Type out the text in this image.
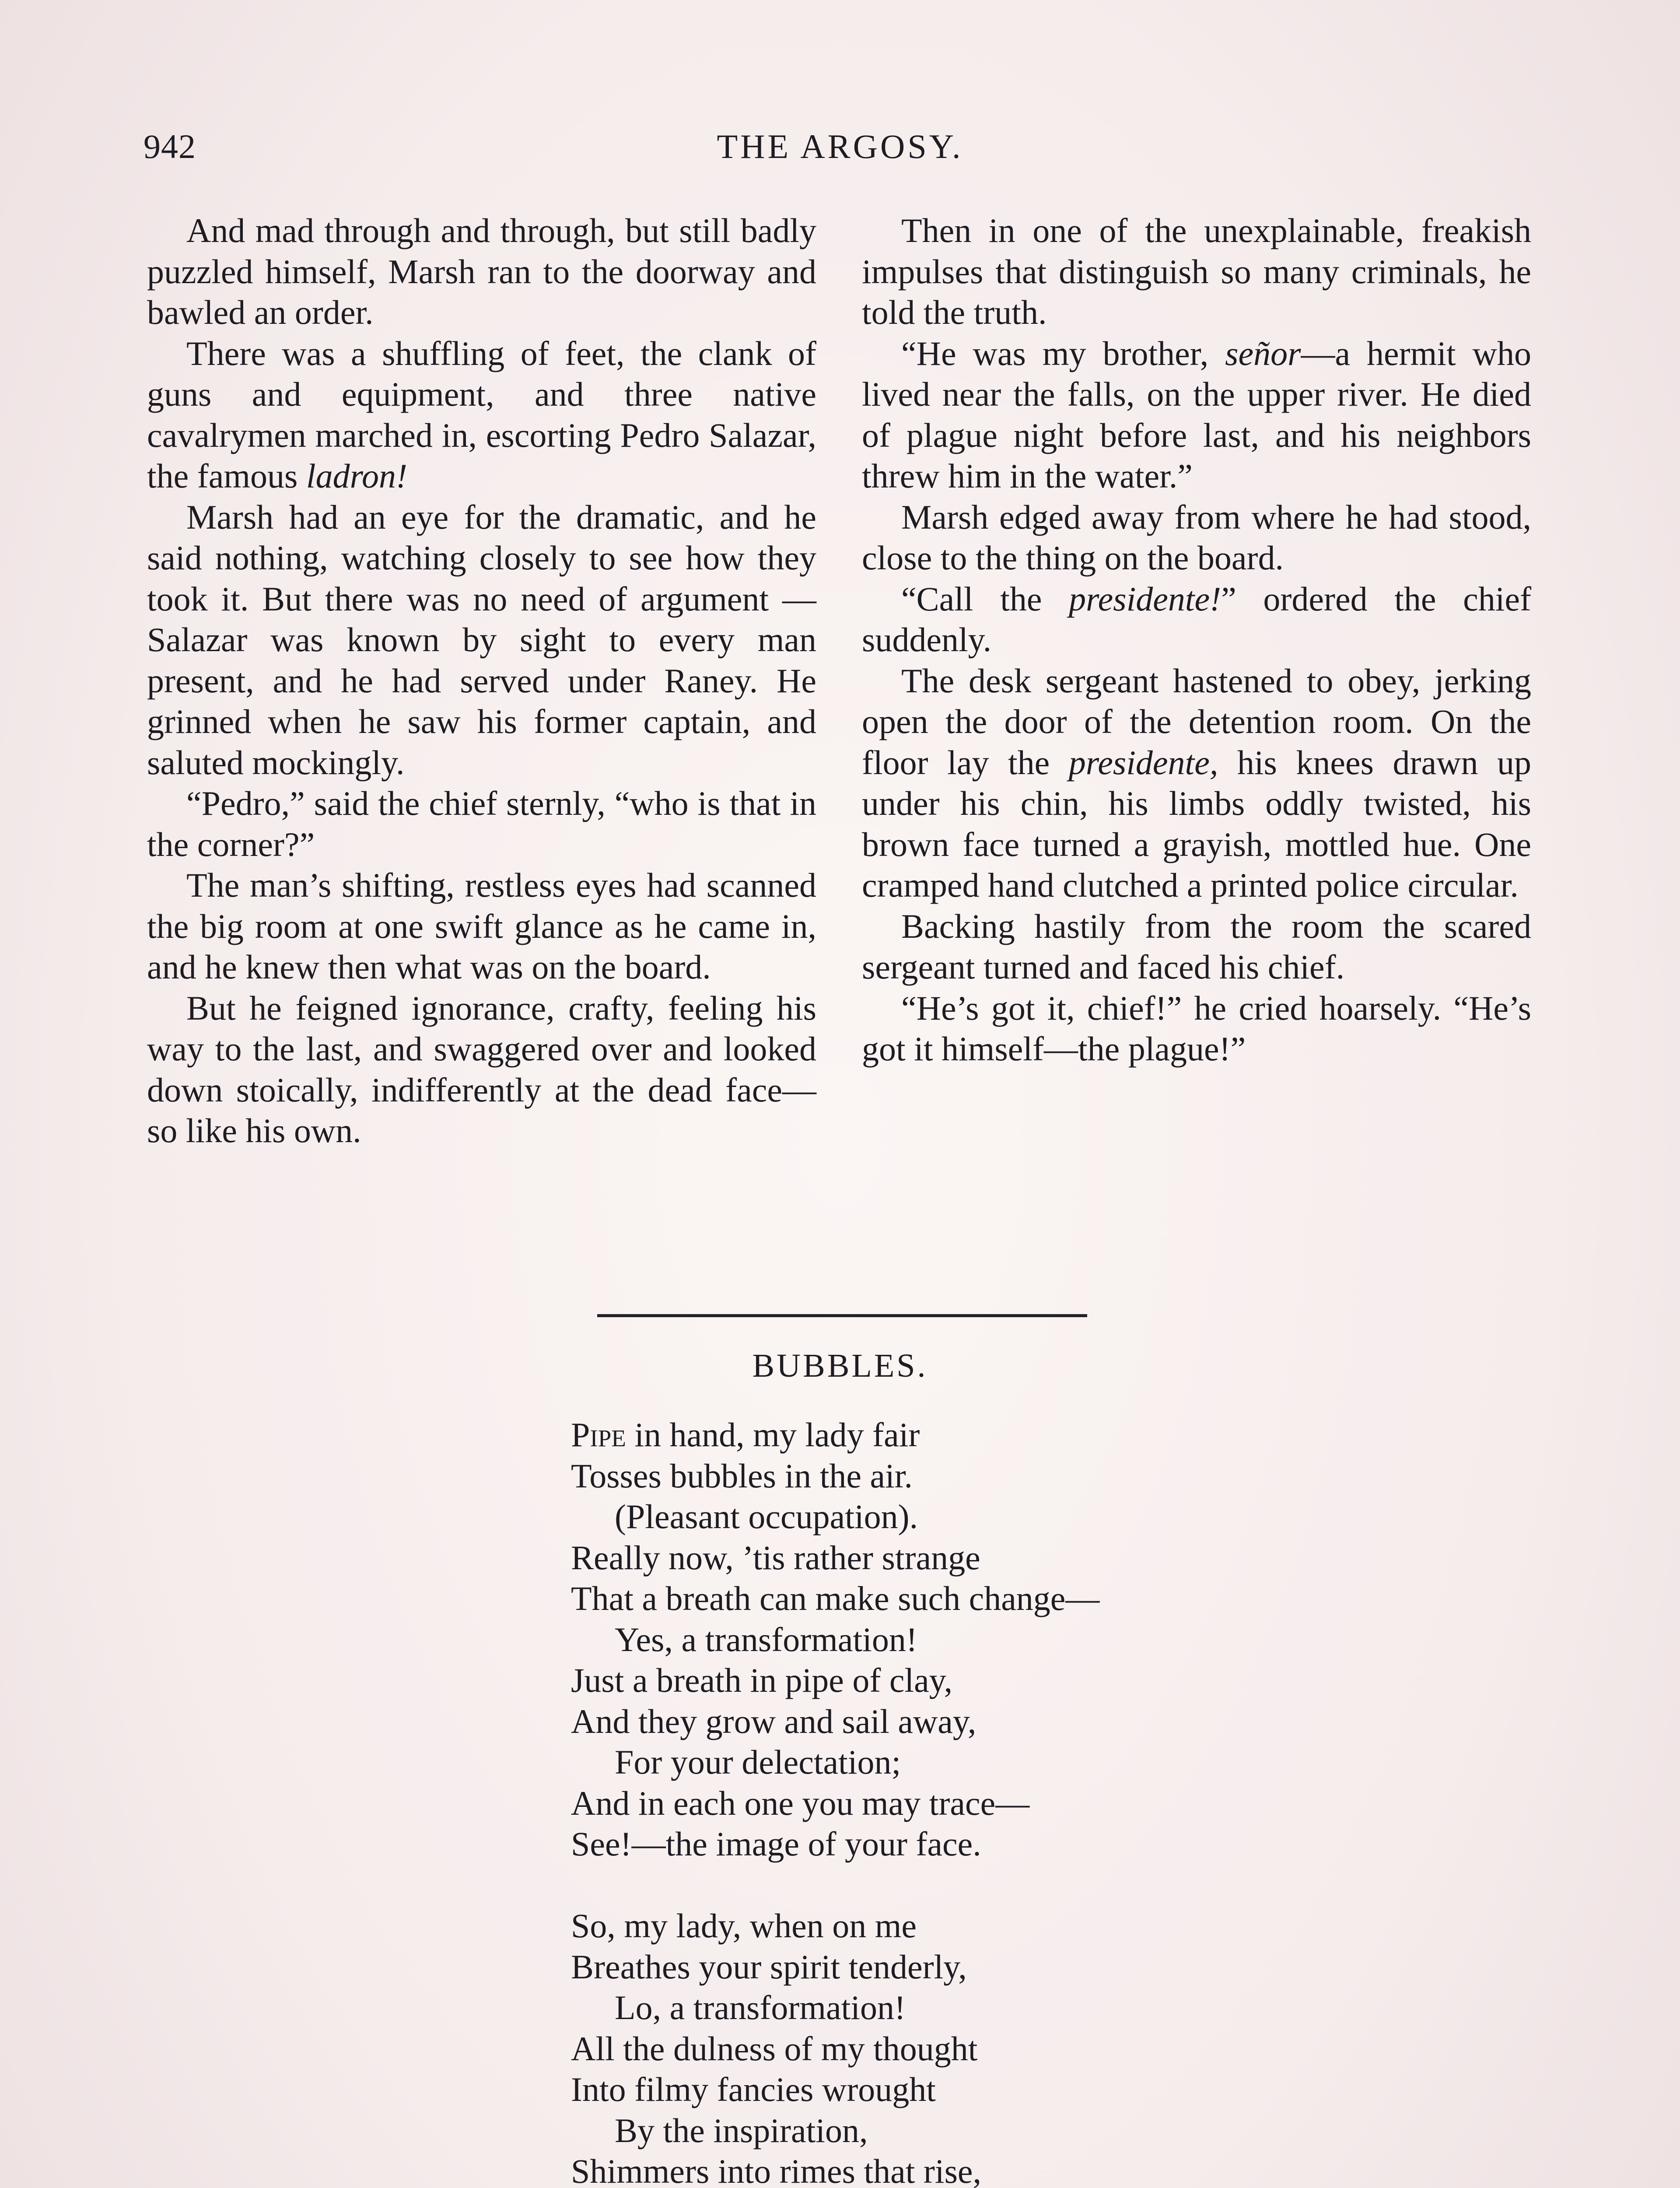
942	THE ARGOSY.

And mad through and through, but still badly puzzled himself, Marsh ran to the doorway and bawled an order.

There was a shuffling of feet, the clank of guns and equipment, and three native cavalrymen marched in, escorting Pedro Salazar, the famous ladron!

Marsh had an eye for the dramatic, and he said nothing, watching closely to see how they took it. But there was no need of argument — Salazar was known by sight to every man present, and he had served under Raney. He grinned when he saw his former captain, and saluted mockingly.

“Pedro,” said the chief sternly, “who is that in the corner?”

The man’s shifting, restless eyes had scanned the big room at one swift glance as he came in, and he knew then what was on the board.

But he feigned ignorance, crafty, feeling his way to the last, and swaggered over and looked down stoically, indifferently at the dead face—so like his own.

Then in one of the unexplainable, freakish impulses that distinguish so many criminals, he told the truth.

“He was my brother, señor—a hermit who lived near the falls, on the upper river. He died of plague night before last, and his neighbors threw him in the water.”

Marsh edged away from where he had stood, close to the thing on the board.

“Call the presidente!” ordered the chief suddenly.

The desk sergeant hastened to obey, jerking open the door of the detention room. On the floor lay the presidente, his knees drawn up under his chin, his limbs oddly twisted, his brown face turned a grayish, mottled hue. One cramped hand clutched a printed police circular.

Backing hastily from the room the scared sergeant turned and faced his chief.

“He’s got it, chief!” he cried hoarsely. “He’s got it himself—the plague!”

BUBBLES.
Pipe in hand, my lady fair
Tosses bubbles in the air.
(Pleasant occupation).
Really now, ’tis rather strange
That a breath can make such change—
Yes, a transformation!
Just a breath in pipe of clay,
And they grow and sail away,
For your delectation;
And in each one you may trace—
See!—the image of your face.
So, my lady, when on me
Breathes your spirit tenderly,
Lo, a transformation!
All the dulness of my thought
Into filmy fancies wrought
By the inspiration,
Shimmers into rimes that rise,
